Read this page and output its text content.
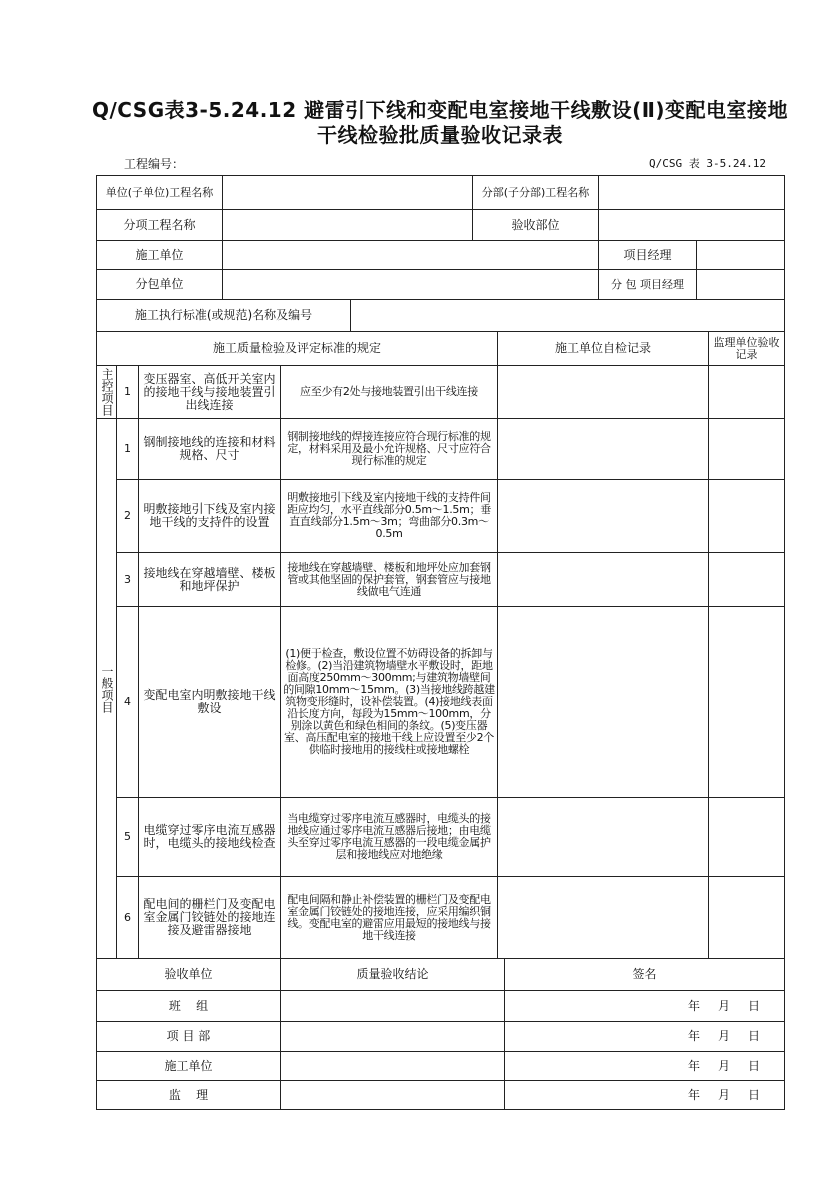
Q/CSG表3-5.24.12 避雷引下线和变配电室接地干线敷设(Ⅱ)变配电室接地干线检验批质量验收记录表
工程编号：	Q/CSG 表 3-5.24.12
单位(子单位)工程名称			分部(子分部)工程名称		
分项工程名称			验收部位		
施工单位				项目经理	
分包单位				分 包 项目经理	
施工执行标准(或规范)名称及编号					
施工质量检验及评定标准的规定				施工单位自检记录	监理单位验收记录
主控项目	1	变压器室、高低开关室内的接地干线与接地装置引出线连接	应至少有2处与接地装置引出干线连接		
一般项目	1	钢制接地线的连接和材料规格、尺寸	钢制接地线的焊接连接应符合现行标准的规定，材料采用及最小允许规格、尺寸应符合现行标准的规定		
	2	明敷接地引下线及室内接地干线的支持件的设置	明敷接地引下线及室内接地干线的支持件间距应均匀，水平直线部分0.5m～1.5m；垂直直线部分1.5m～3m；弯曲部分0.3m～0.5m		
	3	接地线在穿越墙壁、楼板和地坪保护	接地线在穿越墙壁、楼板和地坪处应加套钢管或其他坚固的保护套管，钢套管应与接地线做电气连通		
	4	变配电室内明敷接地干线敷设	(1)便于检查，敷设位置不妨碍设备的拆卸与检修。(2)当沿建筑物墙壁水平敷设时，距地面高度250mm～300mm;与建筑物墙壁间的间隙10mm～15mm。(3)当接地线跨越建筑物变形缝时，设补偿装置。(4)接地线表面沿长度方向，每段为15mm～100mm，分别涂以黄色和绿色相间的条纹。(5)变压器室、高压配电室的接地干线上应设置至少2个供临时接地用的接线柱或接地螺栓		
	5	电缆穿过零序电流互感器时，电缆头的接地线检查	当电缆穿过零序电流互感器时，电缆头的接地线应通过零序电流互感器后接地；由电缆头至穿过零序电流互感器的一段电缆金属护层和接地线应对地绝缘		
	6	配电间的栅栏门及变配电室金属门铰链处的接地连接及避雷器接地	配电间隔和静止补偿装置的栅栏门及变配电室金属门铰链处的接地连接，应采用编织铜线。变配电室的避雷应用最短的接地线与接地干线连接		
验收单位	质量验收结论	签名
班    组		年 月 日
项 目 部		年 月 日
施工单位		年 月 日
监    理		年 月 日
